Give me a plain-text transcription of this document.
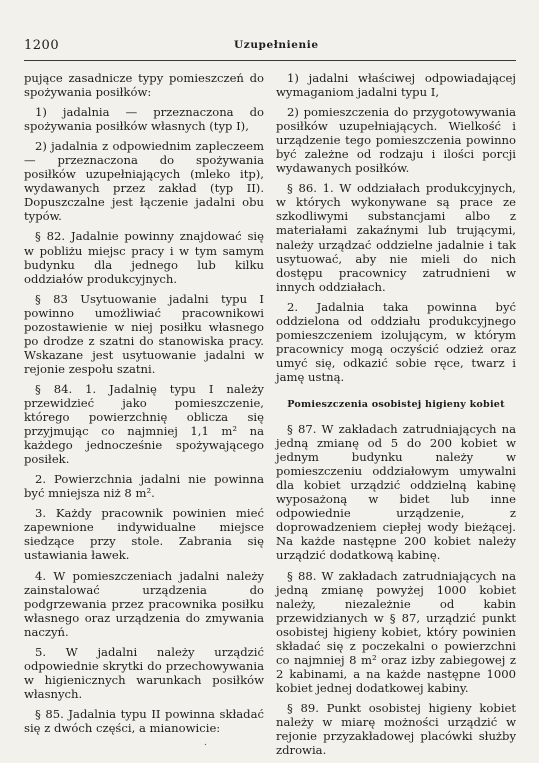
1200	Uzupełnienie

pujące zasadnicze typy pomieszczeń do spożywania posiłków:

1) jadalnia — przeznaczona do spożywania posiłków własnych (typ I),

2) jadalnia z odpowiednim zapleczeem — przeznaczona do spożywania posiłków uzupełniających (mleko itp), wydawanych przez zakład (typ II). Dopuszczalne jest łączenie jadalni obu typów.

§ 82. Jadalnie powinny znajdować się w pobliżu miejsc pracy i w tym samym budynku dla jednego lub kilku oddziałów produkcyjnych.

§ 83 Usytuowanie jadalni typu I powinno umożliwiać pracownikowi pozostawienie w niej posiłku własnego po drodze z szatni do stanowiska pracy. Wskazane jest usytuowanie jadalni w rejonie zespołu szatni.

§ 84. 1. Jadalnię typu I należy przewidzieć jako pomieszczenie, którego powierzchnię oblicza się przyjmując co najmniej 1,1 m² na każdego jednocześnie spożywającego posiłek.

2. Powierzchnia jadalni nie powinna być mniejsza niż 8 m².

3. Każdy pracownik powinien mieć zapewnione indywidualne miejsce siedzące przy stole. Zabrania się ustawiania ławek.

4. W pomieszczeniach jadalni należy zainstalować urządzenia do podgrzewania przez pracownika posiłku własnego oraz urządzenia do zmywania naczyń.

5. W jadalni należy urządzić odpowiednie skrytki do przechowywania w higienicznych warunkach posiłków własnych.

§ 85. Jadalnia typu II powinna składać się z dwóch części, a mianowicie:

1) jadalni właściwej odpowiadającej wymaganiom jadalni typu I,

2) pomieszczenia do przygotowywania posiłków uzupełniających. Wielkość i urządzenie tego pomieszczenia powinno być zależne od rodzaju i ilości porcji wydawanych posiłków.

§ 86. 1. W oddziałach produkcyjnych, w których wykonywane są prace ze szkodliwymi substancjami albo z materiałami zakaźnymi lub trującymi, należy urządzać oddzielne jadalnie i tak usytuować, aby nie mieli do nich dostępu pracownicy zatrudnieni w innych oddziałach.

2. Jadalnia taka powinna być oddzielona od oddziału produkcyjnego pomieszczeniem izolującym, w którym pracownicy mogą oczyścić odzież oraz umyć się, odkazić sobie ręce, twarz i jamę ustną.

Pomieszczenia osobistej higieny kobiet

§ 87. W zakładach zatrudniających na jedną zmianę od 5 do 200 kobiet w jednym budynku należy w pomieszczeniu oddziałowym umywalni dla kobiet urządzić oddzielną kabinę wyposażoną w bidet lub inne odpowiednie urządzenie, z doprowadzeniem ciepłej wody bieżącej. Na każde następne 200 kobiet należy urządzić dodatkową kabinę.

§ 88. W zakładach zatrudniających na jedną zmianę powyżej 1000 kobiet należy, niezależnie od kabin przewidzianych w § 87, urządzić punkt osobistej higieny kobiet, który powinien składać się z poczekalni o powierzchni co najmniej 8 m² oraz izby zabiegowej z 2 kabinami, a na każde następne 1000 kobiet jednej dodatkowej kabiny.

§ 89. Punkt osobistej higieny kobiet należy w miarę możności urządzić w rejonie przyzakładowej placówki służby zdrowia.

.
